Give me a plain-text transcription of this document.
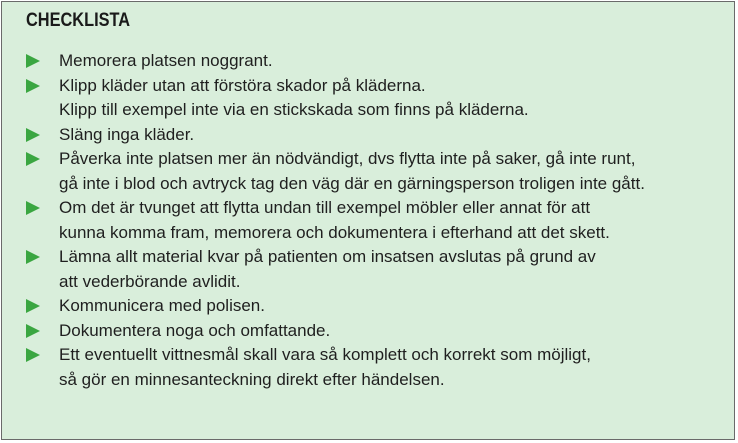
CHECKLISTA
Memorera platsen noggrant.
Klipp kläder utan att förstöra skador på kläderna.
Klipp till exempel inte via en stickskada som finns på kläderna.
Släng inga kläder.
Påverka inte platsen mer än nödvändigt, dvs flytta inte på saker, gå inte runt,
gå inte i blod och avtryck tag den väg där en gärningsperson troligen inte gått.
Om det är tvunget att flytta undan till exempel möbler eller annat för att
kunna komma fram, memorera och dokumentera i efterhand att det skett.
Lämna allt material kvar på patienten om insatsen avslutas på grund av
att vederbörande avlidit.
Kommunicera med polisen.
Dokumentera noga och omfattande.
Ett eventuellt vittnesmål skall vara så komplett och korrekt som möjligt,
så gör en minnesanteckning direkt efter händelsen.
